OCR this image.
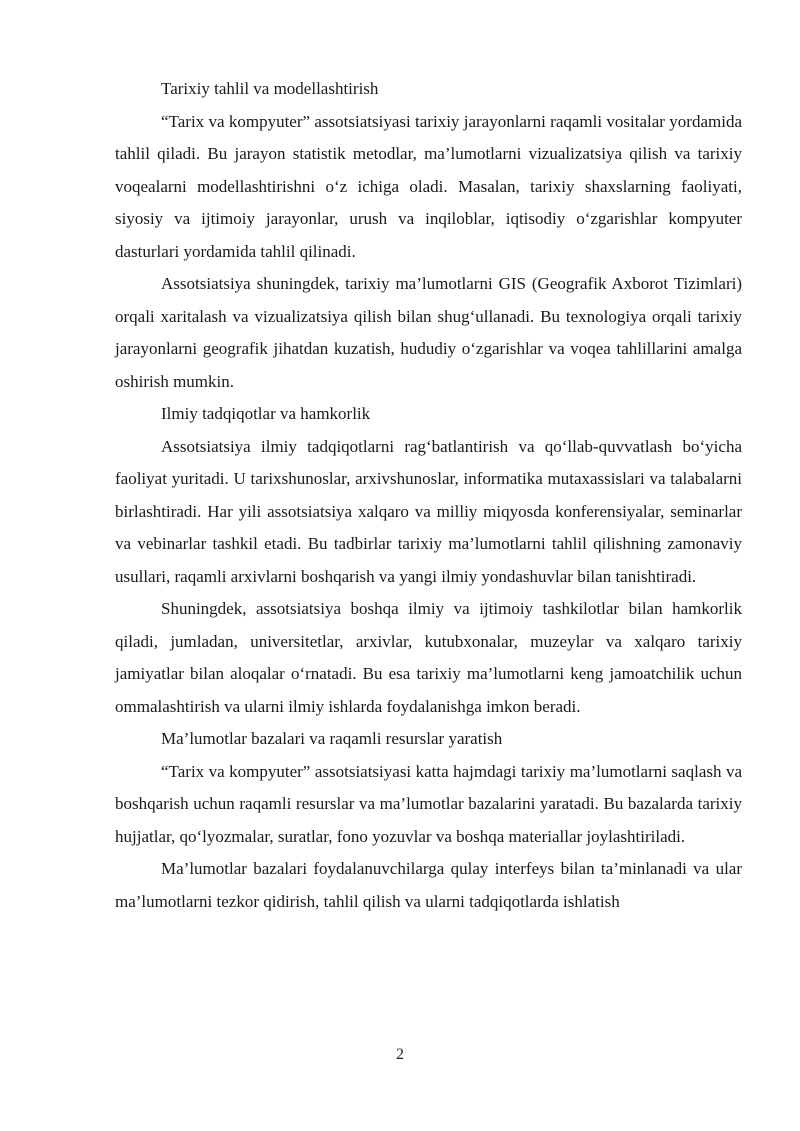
Tarixiy tahlil va modellashtirish

“Tarix va kompyuter” assotsiatsiyasi tarixiy jarayonlarni raqamli vositalar yordamida tahlil qiladi. Bu jarayon statistik metodlar, ma’lumotlarni vizualizatsiya qilish va tarixiy voqealarni modellashtirishni o‘z ichiga oladi. Masalan, tarixiy shaxslarning faoliyati, siyosiy va ijtimoiy jarayonlar, urush va inqiloblar, iqtisodiy o‘zgarishlar kompyuter dasturlari yordamida tahlil qilinadi.

Assotsiatsiya shuningdek, tarixiy ma’lumotlarni GIS (Geografik Axborot Tizimlari) orqali xaritalash va vizualizatsiya qilish bilan shug‘ullanadi. Bu texnologiya orqali tarixiy jarayonlarni geografik jihatdan kuzatish, hududiy o‘zgarishlar va voqea tahlillarini amalga oshirish mumkin.

Ilmiy tadqiqotlar va hamkorlik

Assotsiatsiya ilmiy tadqiqotlarni rag‘batlantirish va qo‘llab-quvvatlash bo‘yicha faoliyat yuritadi. U tarixshunoslar, arxivshunoslar, informatika mutaxassislari va talabalarni birlashtiradi. Har yili assotsiatsiya xalqaro va milliy miqyosda konferensiyalar, seminarlar va vebinarlar tashkil etadi. Bu tadbirlar tarixiy ma’lumotlarni tahlil qilishning zamonaviy usullari, raqamli arxivlarni boshqarish va yangi ilmiy yondashuvlar bilan tanishtiradi.

Shuningdek, assotsiatsiya boshqa ilmiy va ijtimoiy tashkilotlar bilan hamkorlik qiladi, jumladan, universitetlar, arxivlar, kutubxonalar, muzeylar va xalqaro tarixiy jamiyatlar bilan aloqalar o‘rnatadi. Bu esa tarixiy ma’lumotlarni keng jamoatchilik uchun ommalashtirish va ularni ilmiy ishlarda foydalanishga imkon beradi.

Ma’lumotlar bazalari va raqamli resurslar yaratish

“Tarix va kompyuter” assotsiatsiyasi katta hajmdagi tarixiy ma’lumotlarni saqlash va boshqarish uchun raqamli resurslar va ma’lumotlar bazalarini yaratadi. Bu bazalarda tarixiy hujjatlar, qo‘lyozmalar, suratlar, fono yozuvlar va boshqa materiallar joylashtiriladi.

Ma’lumotlar bazalari foydalanuvchilarga qulay interfeys bilan ta’minlanadi va ular ma’lumotlarni tezkor qidirish, tahlil qilish va ularni tadqiqotlarda ishlatish

2
